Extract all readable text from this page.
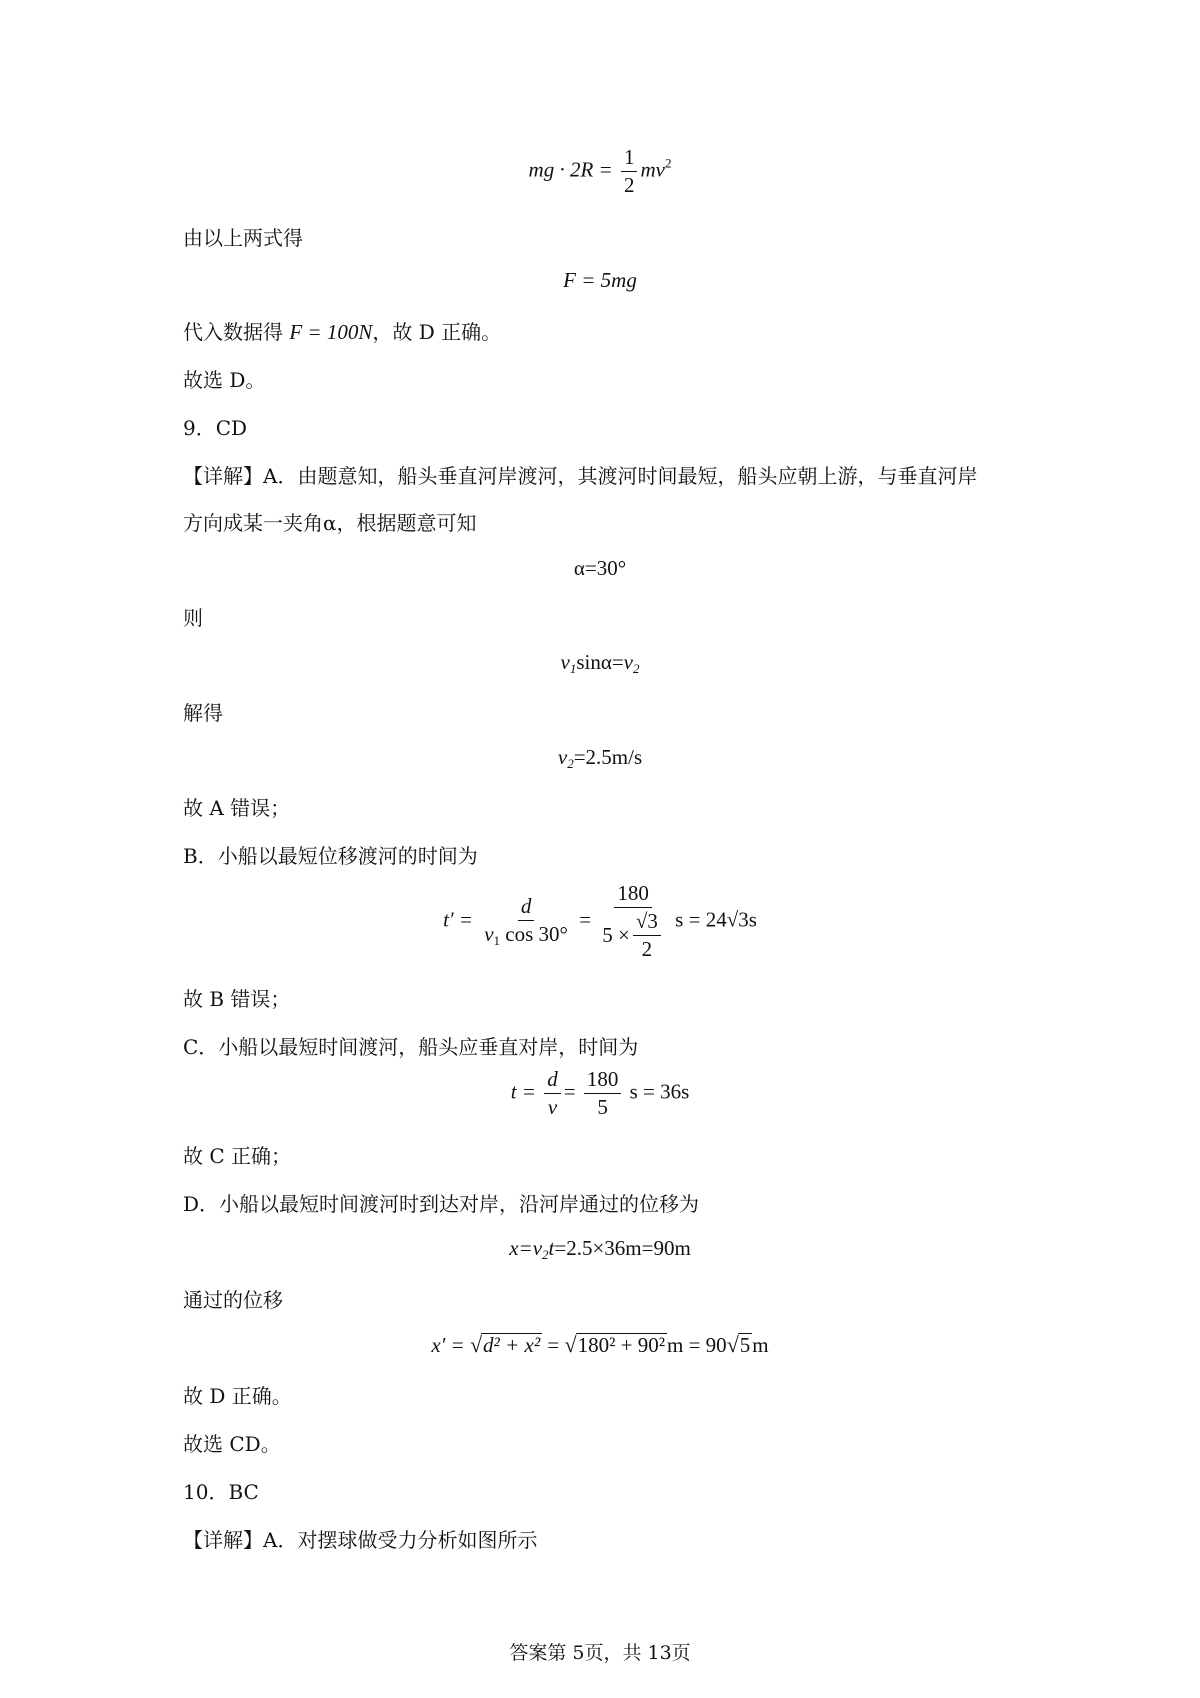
mg · $2R = \frac{1}{2} mv^2$
由以上两式得
F = 5mg
代入数据得 F = 100N，故 D 正确。
故选 D。
9．CD
【详解】A．由题意知，船头垂直河岸渡河，其渡河时间最短，船头应朝上游，与垂直河岸
方向成某一夹角α，根据题意可知
α=30°
则
$v_1\sin\alpha=v_2$
解得
$v_2=2.5m/s$
故 A 错误；
B．小船以最短位移渡河的时间为
$t' = \frac{d}{v_1 \cos 30^\circ} = \frac{180}{5 \times \frac{√3}{2}}$ s = 24√3s
故 B 错误；
C．小船以最短时间渡河，船头应垂直对岸，时间为
$t = \frac{d}{v} = \frac{180}{5}$ s = 36s
故 C 正确；
D．小船以最短时间渡河时到达对岸，沿河岸通过的位移为
$x=v_2t=2.5\times 36m=90m$
通过的位移
x′ = √d² + x² = √180² + 90²m = 90√5m
故 D 正确。
故选 CD。
10．BC
【详解】A．对摆球做受力分析如图所示
答案第 5页，共 13页
